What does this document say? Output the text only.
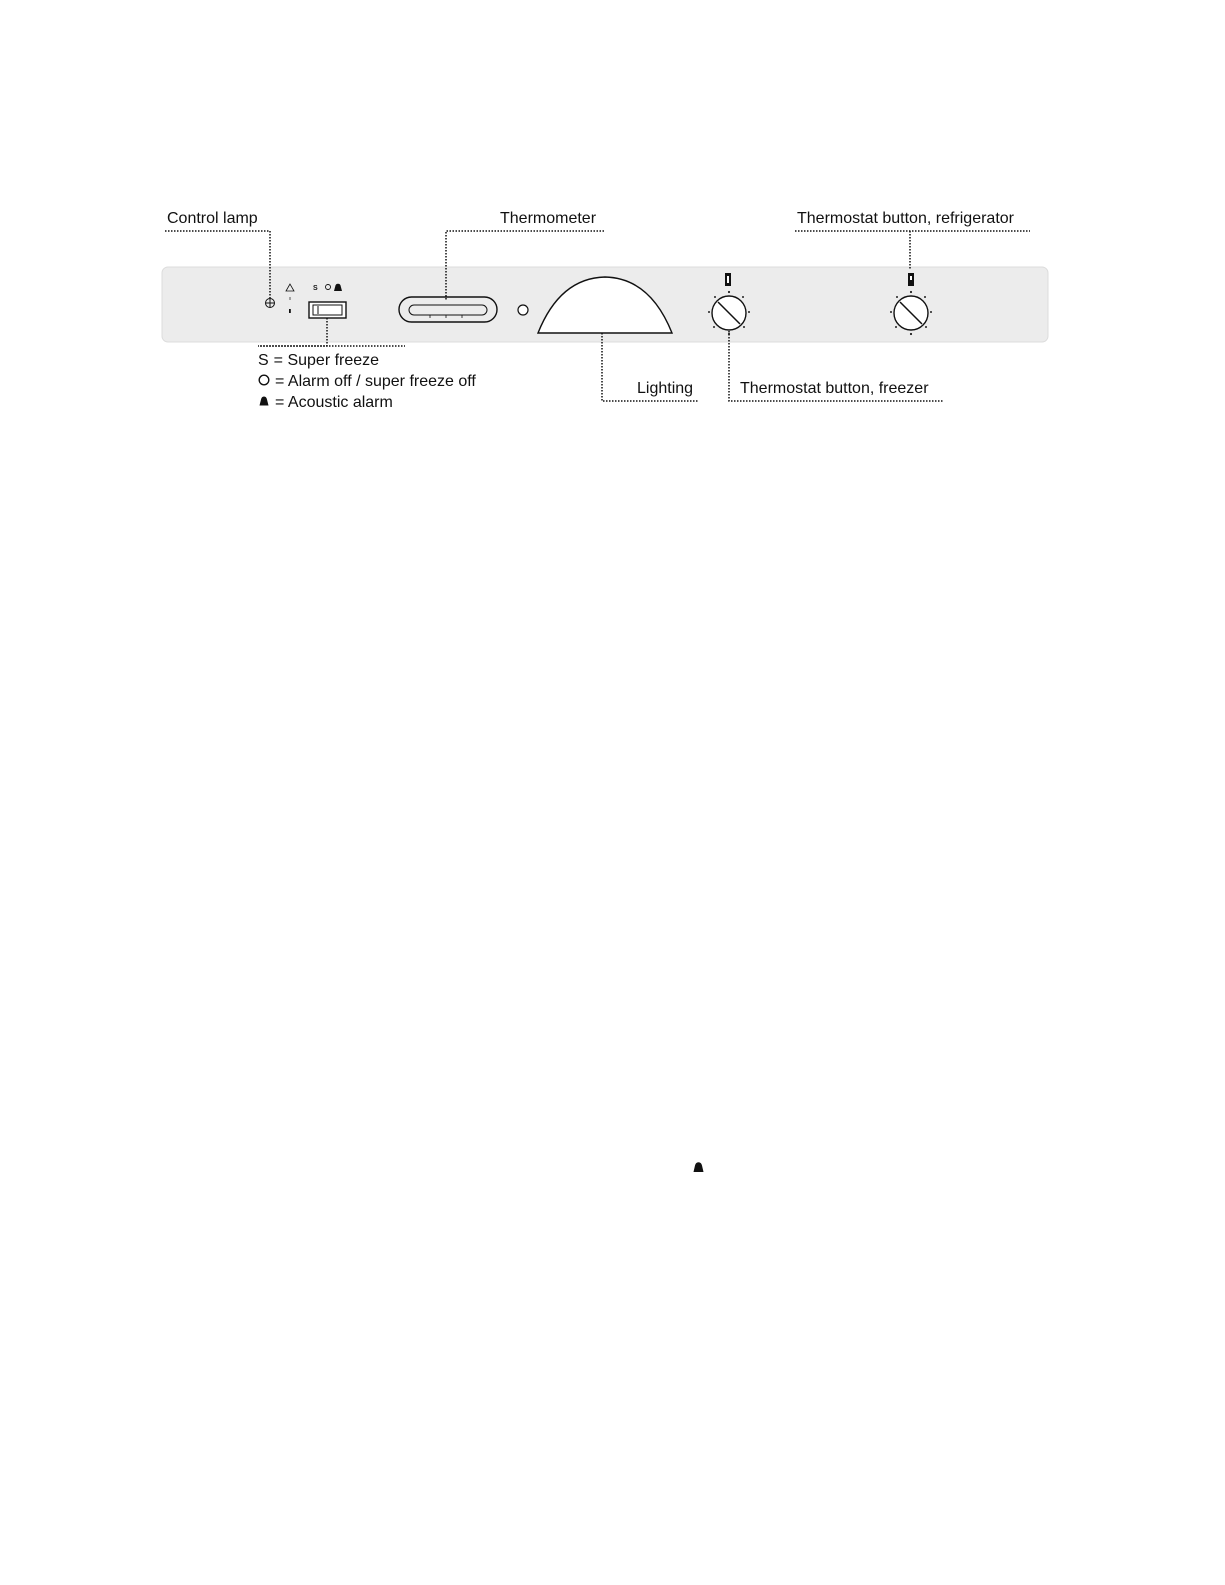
S
Control lamp	Thermometer	Thermostat button, refrigerator
Lighting	Thermostat button, freezer
S = Super freeze
= Alarm off / super freeze off
= Acoustic alarm
